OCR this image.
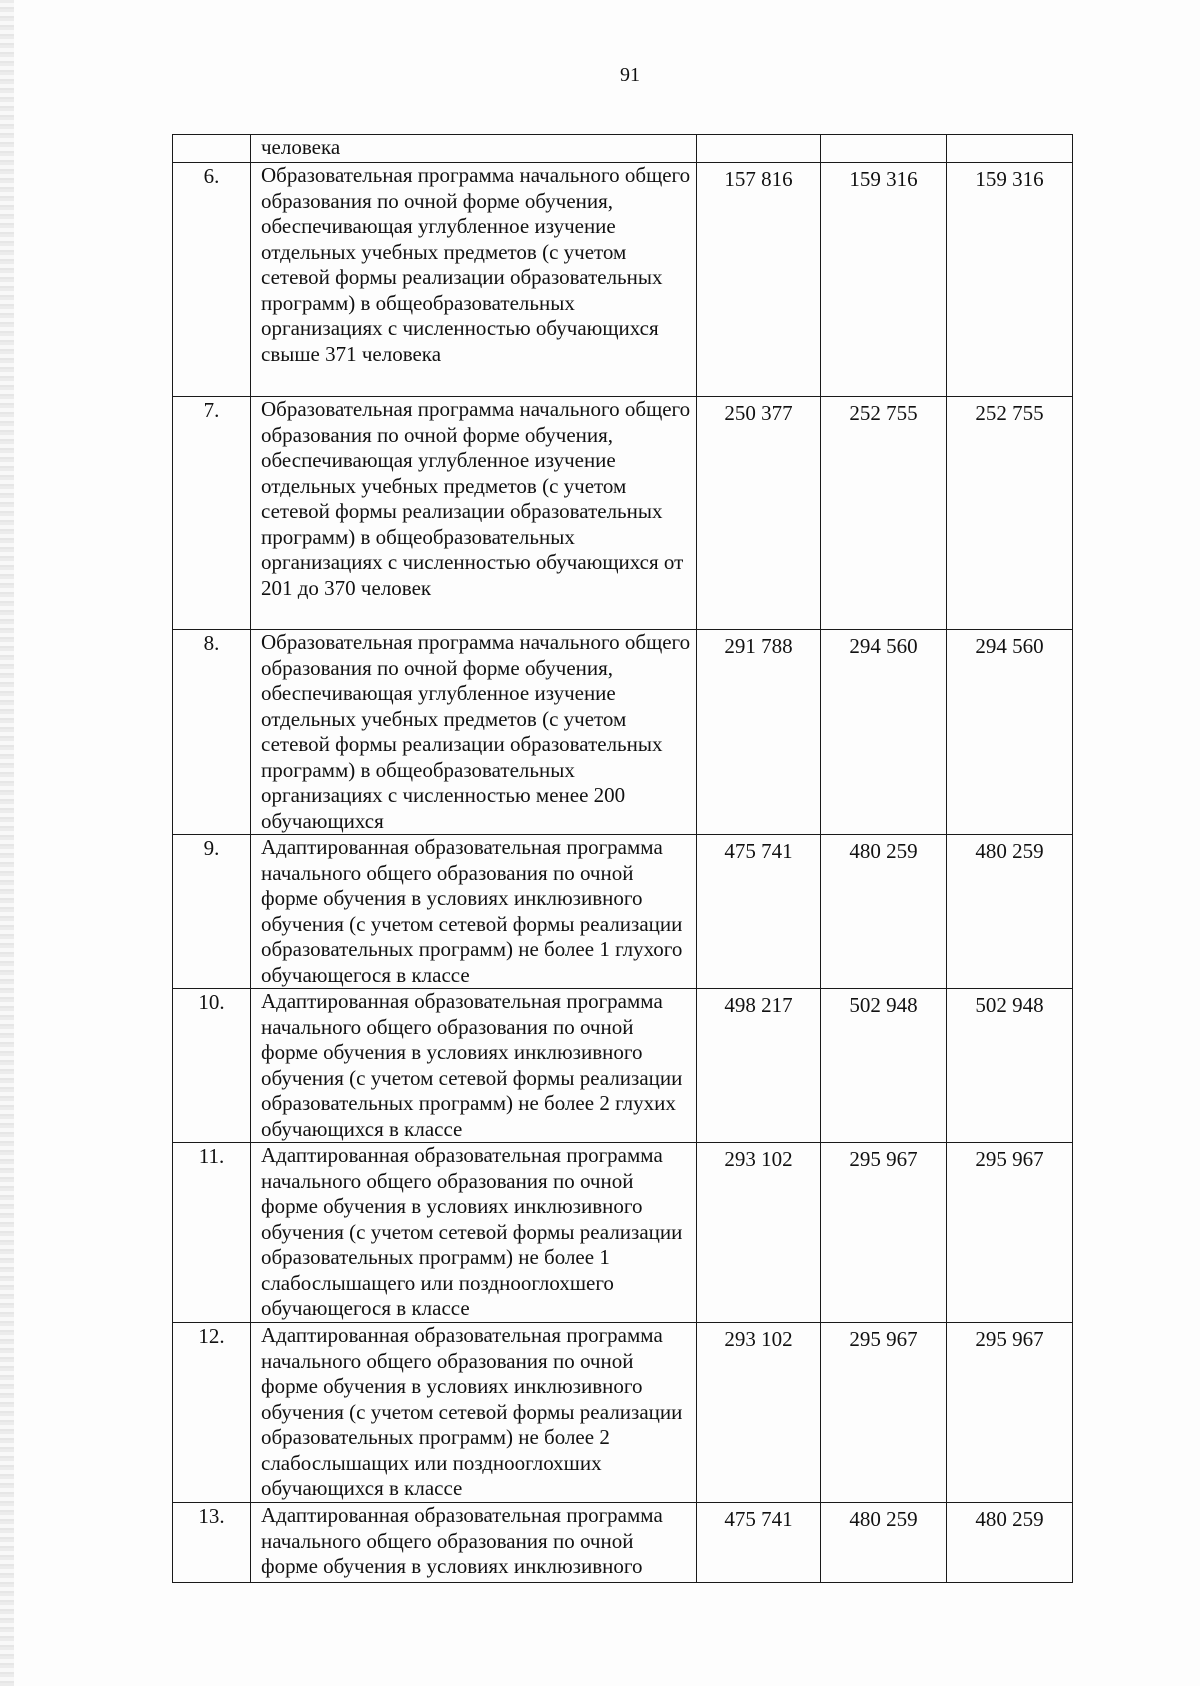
91
	человека			
6.	Образовательная программа начального общего образования по очной форме обучения, обеспечивающая углубленное изучение отдельных учебных предметов (с учетом сетевой формы реализации образовательных программ) в общеобразовательных организациях с численностью обучающихся свыше 371 человека	157 816	159 316	159 316
7.	Образовательная программа начального общего образования по очной форме обучения, обеспечивающая углубленное изучение отдельных учебных предметов (с учетом сетевой формы реализации образовательных программ) в общеобразовательных организациях с численностью обучающихся от 201 до 370 человек	250 377	252 755	252 755
8.	Образовательная программа начального общего образования по очной форме обучения, обеспечивающая углубленное изучение отдельных учебных предметов (с учетом сетевой формы реализации образовательных программ) в общеобразовательных организациях с численностью менее 200 обучающихся	291 788	294 560	294 560
9.	Адаптированная образовательная программа начального общего образования по очной форме обучения в условиях инклюзивного обучения (с учетом сетевой формы реализации образовательных программ) не более 1 глухого обучающегося в классе	475 741	480 259	480 259
10.	Адаптированная образовательная программа начального общего образования по очной форме обучения в условиях инклюзивного обучения (с учетом сетевой формы реализации образовательных программ) не более 2 глухих обучающихся в классе	498 217	502 948	502 948
11.	Адаптированная образовательная программа начального общего образования по очной форме обучения в условиях инклюзивного обучения (с учетом сетевой формы реализации образовательных программ) не более 1 слабослышащего или позднооглохшего обучающегося в классе	293 102	295 967	295 967
12.	Адаптированная образовательная программа начального общего образования по очной форме обучения в условиях инклюзивного обучения (с учетом сетевой формы реализации образовательных программ) не более 2 слабослышащих или позднооглохших обучающихся в классе	293 102	295 967	295 967
13.	Адаптированная образовательная программа начального общего образования по очной форме обучения в условиях инклюзивного	475 741	480 259	480 259
